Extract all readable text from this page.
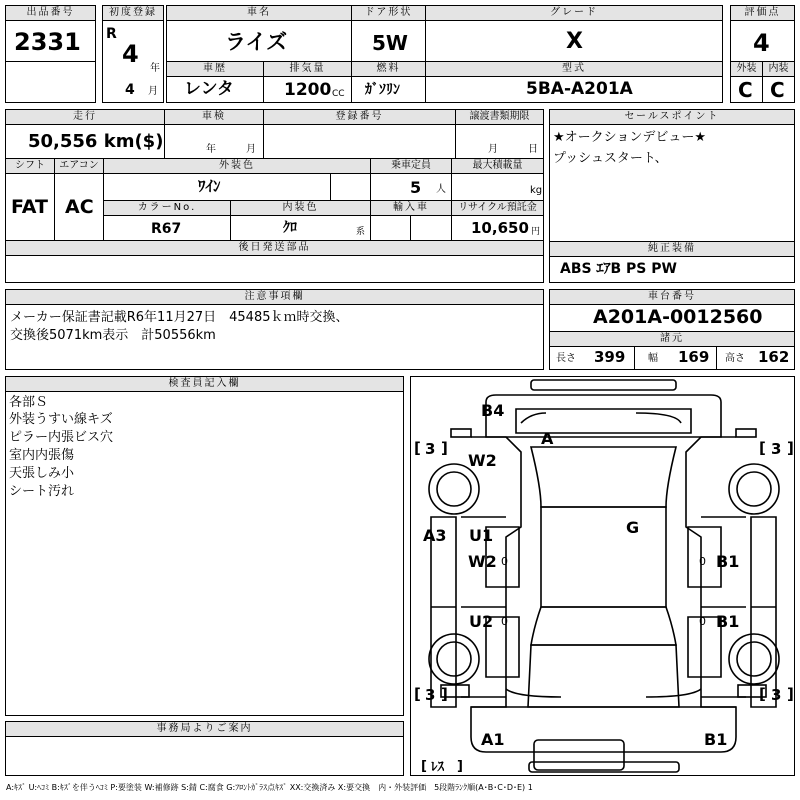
出品番号
2331
初度登録
R
4
年
4 月
車名
ライズ
ドア形状
5W
グレード
X
評価点
4
車歴
レンタ
排気量
1200 CC
燃料
ｶﾞｿﾘﾝ
型式
5BA-A201A
外装	内装
C C
走行
50,556 km($)
車検
年	月
登録番号	譲渡書類期限
月	日
シフト
FAT
エアコン
AC
外装色
ﾜｲﾝ
乗車定員
5 人
最大積載量
kg
カラーNo.
R67
内装色
ｸﾛ	系
輸入車	リサイクル預託金
10,650 円
後日発送部品
セールスポイント
★オークションデビュー★
プッシュスタート、
純正装備
ABS ｴｱB PS PW
注意事項欄
メーカー保証書記載R6年11月27日　45485ｋｍ時交換、
交換後5071km表示　計50556km
車台番号
A201A-0012560
諸元
長さ 399 幅 169 高さ 162
検査員記入欄
各部Ｓ
外装うすい線キズ
ピラー内張ビス穴
室内内張傷
天張しみ小
シート汚れ
事務局よりご案内
A:ｷｽﾞ U:ﾍｺﾐ B:ｷｽﾞを伴うﾍｺﾐ P:要塗装 W:補修跡 S:錆 C:腐食 G:ﾌﾛﾝﾄｶﾞﾗｽ点ｷｽﾞ XX:交換済み X:要交換　内・外装評価　5段階ﾗﾝｸ順(A･B･C･D･E) 1
B4
W2
A
G
A3 U1
W2
U2
B1
B1
A1	B1
[ 3 ]	[ 3 ]
[ 3 ]	[ 3 ]
0
0
0
0
[ ﾚｽ ]
